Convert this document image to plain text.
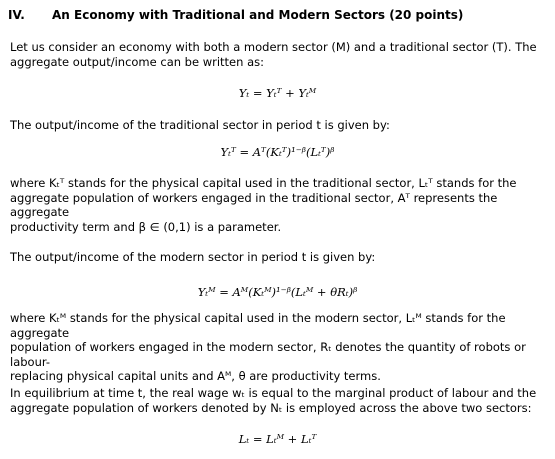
IV. An Economy with Traditional and Modern Sectors (20 points)
Let us consider an economy with both a modern sector (M) and a traditional sector (T). The
aggregate output/income can be written as:
Yₜ = Yₜᵀ + Yₜᴹ
The output/income of the traditional sector in period t is given by:
Yₜᵀ = Aᵀ(Kₜᵀ)¹⁻ᵝ(Lₜᵀ)ᵝ
where Kₜᵀ stands for the physical capital used in the traditional sector, Lₜᵀ stands for the
aggregate population of workers engaged in the traditional sector, Aᵀ represents the aggregate
productivity term and β ∈ (0,1) is a parameter.
The output/income of the modern sector in period t is given by:
Yₜᴹ = Aᴹ(Kₜᴹ)¹⁻ᵝ(Lₜᴹ + θRₜ)ᵝ
where Kₜᴹ stands for the physical capital used in the modern sector, Lₜᴹ stands for the aggregate
population of workers engaged in the modern sector, Rₜ denotes the quantity of robots or labour-
replacing physical capital units and Aᴹ, θ are productivity terms.
In equilibrium at time t, the real wage wₜ is equal to the marginal product of labour and the
aggregate population of workers denoted by Nₜ is employed across the above two sectors:
Lₜ = Lₜᴹ + Lₜᵀ
